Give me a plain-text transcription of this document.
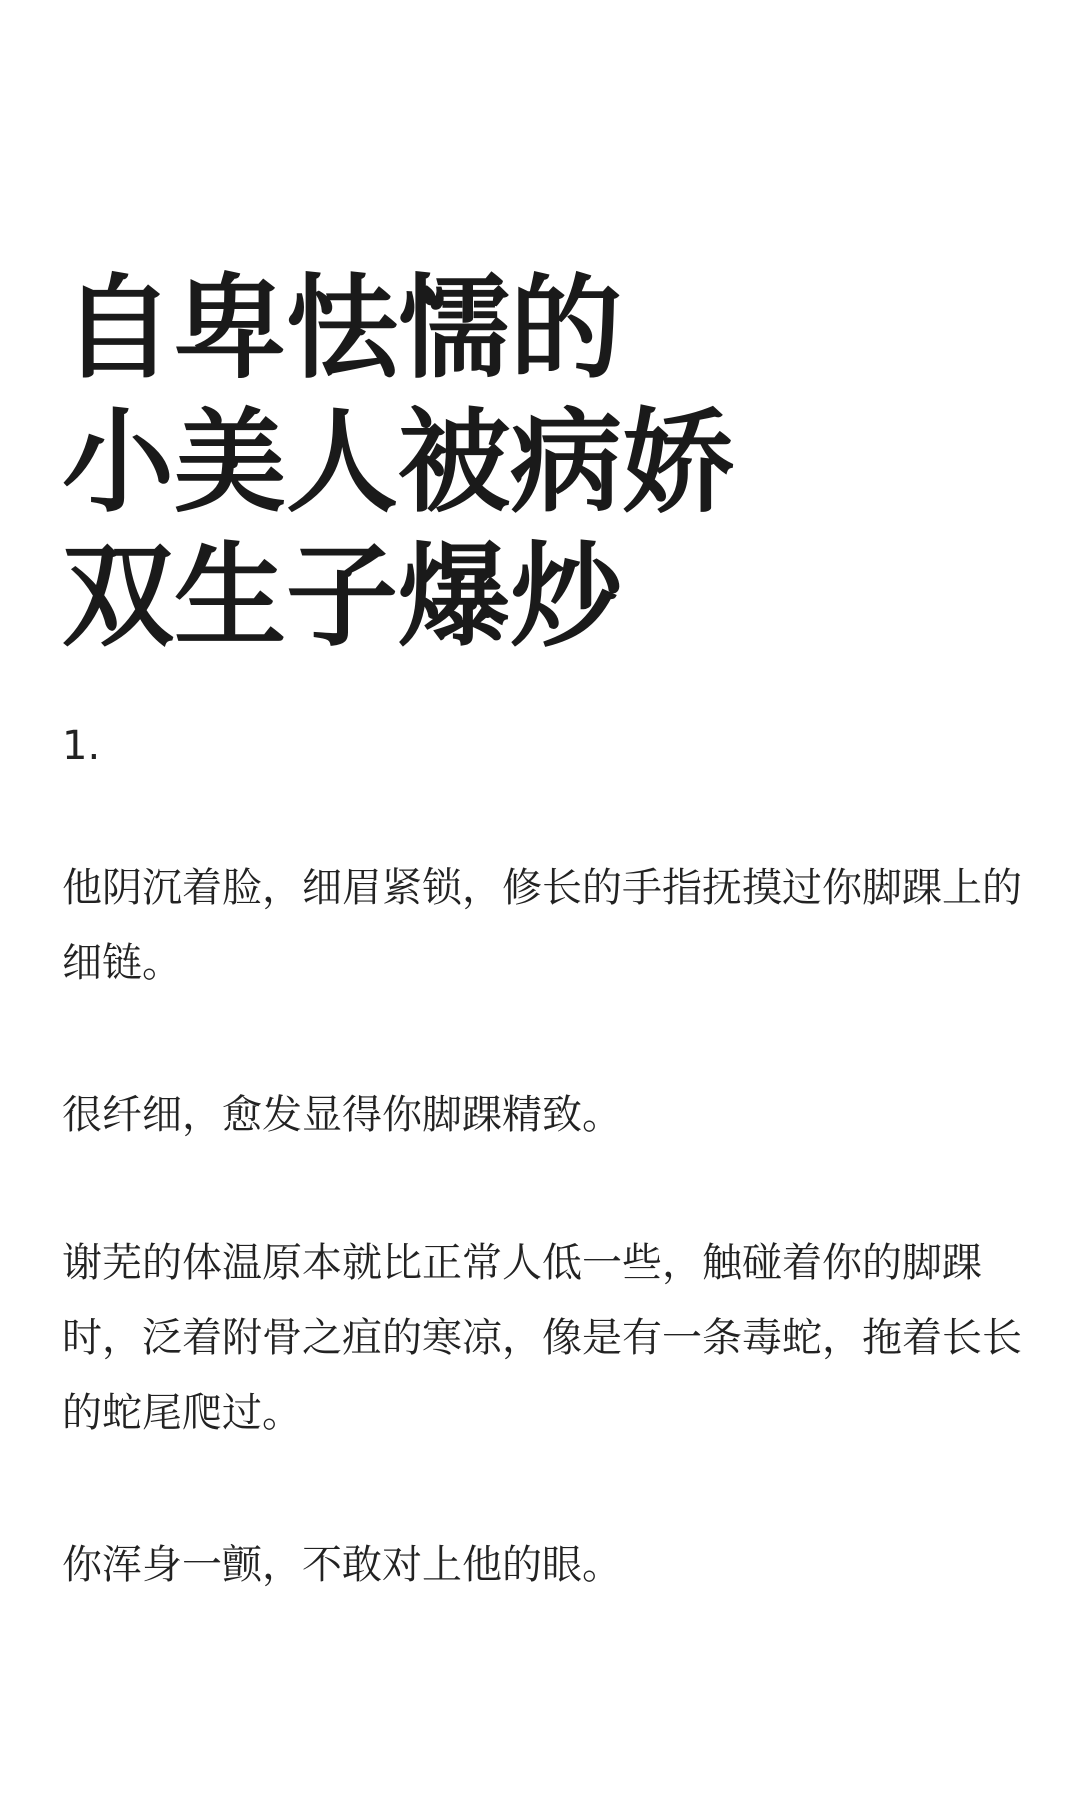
自卑怯懦的
小美人被病娇
双生子爆炒
1.

他阴沉着脸，细眉紧锁，修长的手指抚摸过你脚踝上的细链。

很纤细，愈发显得你脚踝精致。

谢芜的体温原本就比正常人低一些，触碰着你的脚踝时，泛着附骨之疽的寒凉，像是有一条毒蛇，拖着长长的蛇尾爬过。

你浑身一颤，不敢对上他的眼。
